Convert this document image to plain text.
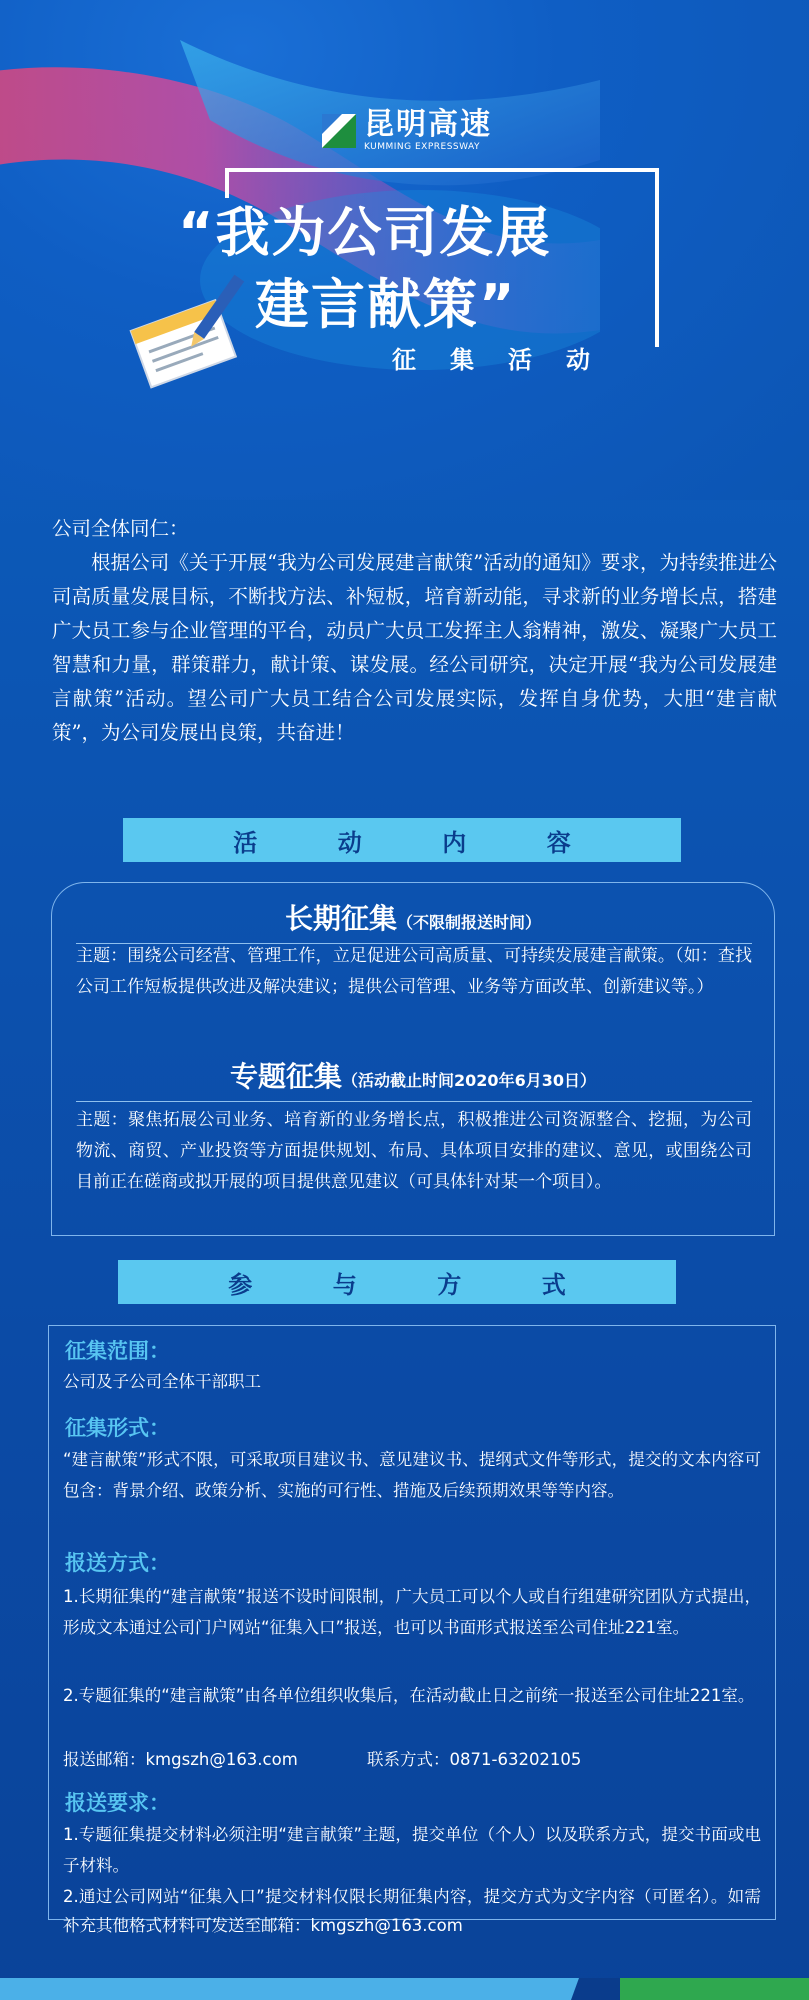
昆明高速
KUMMING EXPRESSWAY
“我为公司发展
建言献策”
征集活动

公司全体同仁：

根据公司《关于开展“我为公司发展建言献策”活动的通知》要求，为持续推进公司高质量发展目标，不断找方法、补短板，培育新动能，寻求新的业务增长点，搭建广大员工参与企业管理的平台，动员广大员工发挥主人翁精神，激发、凝聚广大员工智慧和力量，群策群力，献计策、谋发展。经公司研究，决定开展“我为公司发展建言献策”活动。望公司广大员工结合公司发展实际，发挥自身优势，大胆“建言献策”，为公司发展出良策，共奋进！

活	动	内	容
长期征集（不限制报送时间）
主题：围绕公司经营、管理工作，立足促进公司高质量、可持续发展建言献策。（如：查找公司工作短板提供改进及解决建议；提供公司管理、业务等方面改革、创新建议等。）
专题征集（活动截止时间2020年6月30日）
主题：聚焦拓展公司业务、培育新的业务增长点，积极推进公司资源整合、挖掘，为公司物流、商贸、产业投资等方面提供规划、布局、具体项目安排的建议、意见，或围绕公司目前正在磋商或拟开展的项目提供意见建议（可具体针对某一个项目）。
参	与	方	式
征集范围：
公司及子公司全体干部职工
征集形式：
“建言献策”形式不限，可采取项目建议书、意见建议书、提纲式文件等形式，提交的文本内容可包含：背景介绍、政策分析、实施的可行性、措施及后续预期效果等等内容。
报送方式：
1.长期征集的“建言献策”报送不设时间限制，广大员工可以个人或自行组建研究团队方式提出，形成文本通过公司门户网站“征集入口”报送，也可以书面形式报送至公司住址221室。
2.专题征集的“建言献策”由各单位组织收集后，在活动截止日之前统一报送至公司住址221室。
报送邮箱：kmgszh@163.com	联系方式：0871-63202105
报送要求：
1.专题征集提交材料必须注明“建言献策”主题，提交单位（个人）以及联系方式，提交书面或电子材料。
2.通过公司网站“征集入口”提交材料仅限长期征集内容，提交方式为文字内容（可匿名）。如需补充其他格式材料可发送至邮箱：kmgszh@163.com
